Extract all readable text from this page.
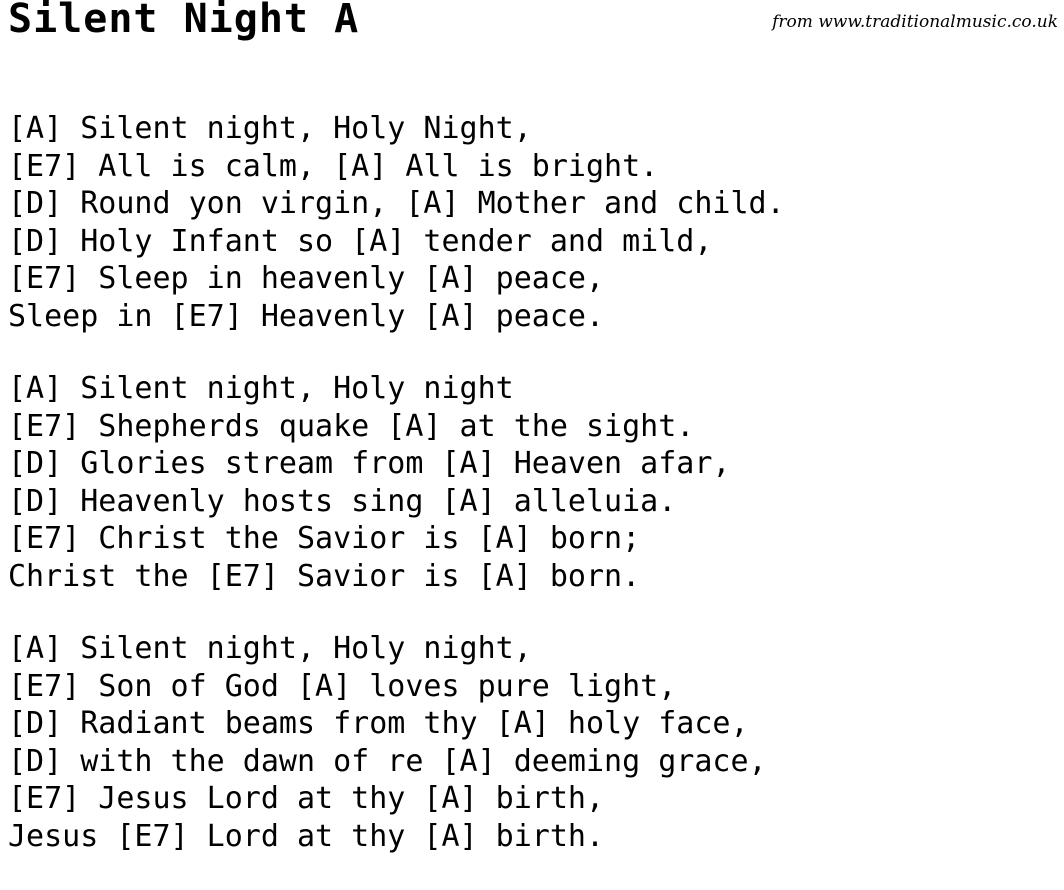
Silent Night A	from www.traditionalmusic.co.uk
[A] Silent night, Holy Night,
[E7] All is calm, [A] All is bright.
[D] Round yon virgin, [A] Mother and child.
[D] Holy Infant so [A] tender and mild,
[E7] Sleep in heavenly [A] peace,
Sleep in [E7] Heavenly [A] peace.
[A] Silent night, Holy night
[E7] Shepherds quake [A] at the sight.
[D] Glories stream from [A] Heaven afar,
[D] Heavenly hosts sing [A] alleluia.
[E7] Christ the Savior is [A] born;
Christ the [E7] Savior is [A] born.
[A] Silent night, Holy night,
[E7] Son of God [A] loves pure light,
[D] Radiant beams from thy [A] holy face,
[D] with the dawn of re [A] deeming grace,
[E7] Jesus Lord at thy [A] birth,
Jesus [E7] Lord at thy [A] birth.
